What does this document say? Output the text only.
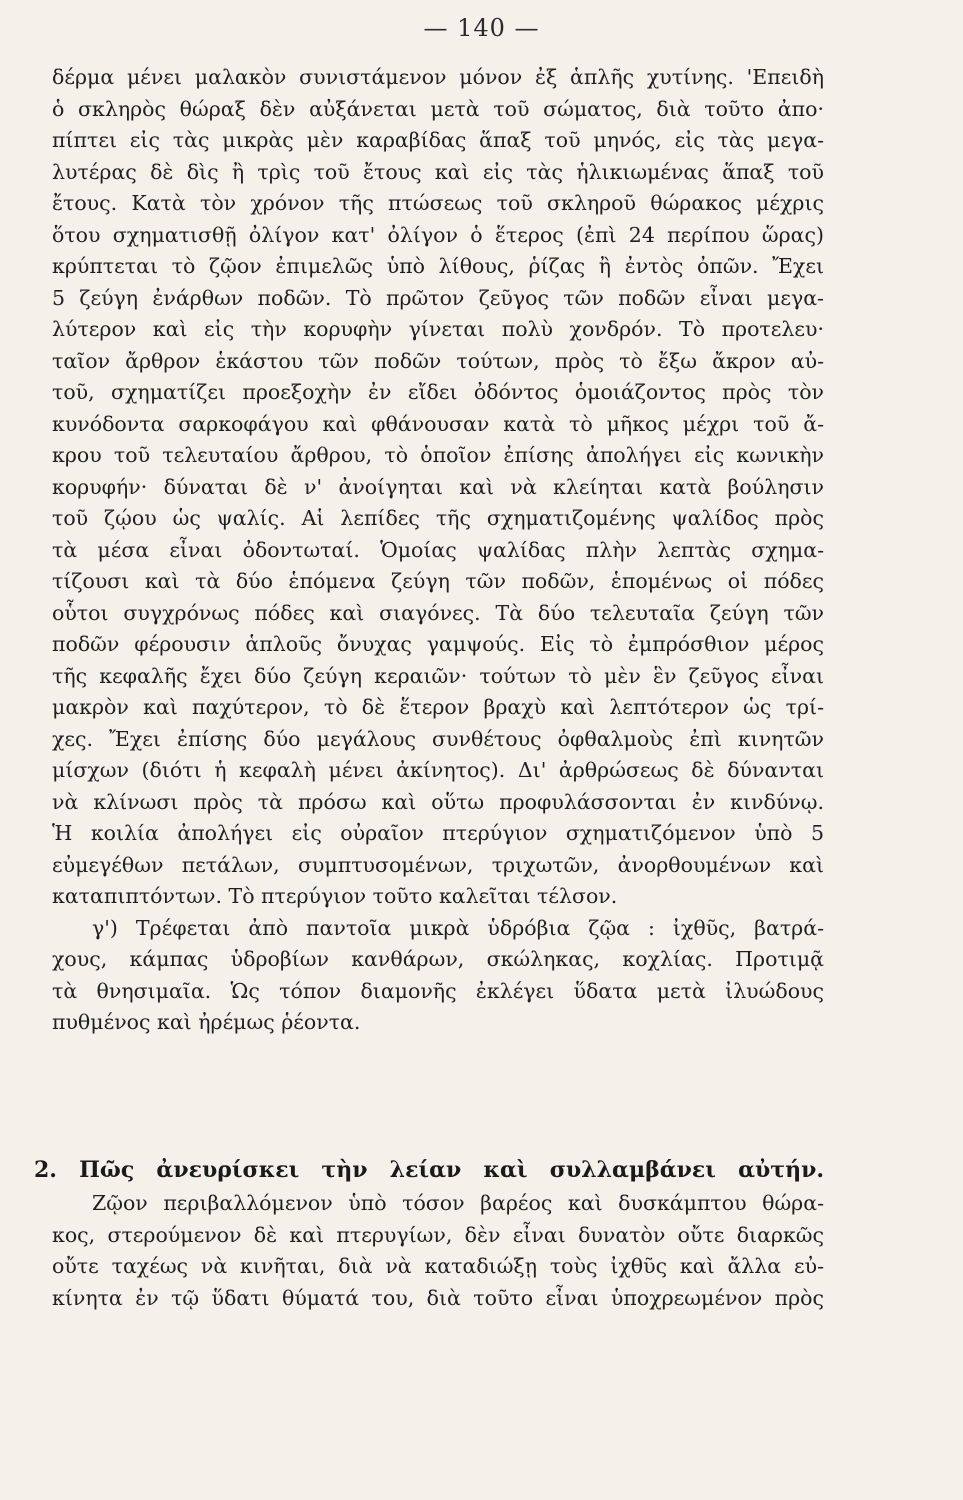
— 140 —
δέρμα μένει μαλακὸν συνιστάμενον μόνον ἐξ ἁπλῆς χυτίνης. 'Επειδὴ
ὁ σκληρὸς θώραξ δὲν αὐξάνεται μετὰ τοῦ σώματος, διὰ τοῦτο ἀπο·
πίπτει εἰς τὰς μικρὰς μὲν καραβίδας ἅπαξ τοῦ μηνός, εἰς τὰς μεγα-
λυτέρας δὲ δὶς ἢ τρὶς τοῦ ἔτους καὶ εἰς τὰς ἡλικιωμένας ἅπαξ τοῦ
ἔτους. Κατὰ τὸν χρόνον τῆς πτώσεως τοῦ σκληροῦ θώρακος μέχρις
ὅτου σχηματισθῇ ὀλίγον κατ' ὀλίγον ὁ ἕτερος (ἐπὶ 24 περίπου ὥρας)
κρύπτεται τὸ ζῷον ἐπιμελῶς ὑπὸ λίθους, ῥίζας ἢ ἐντὸς ὀπῶν. Ἔχει
5 ζεύγη ἐνάρθων ποδῶν. Τὸ πρῶτον ζεῦγος τῶν ποδῶν εἶναι μεγα-
λύτερον καὶ εἰς τὴν κορυφὴν γίνεται πολὺ χονδρόν. Τὸ προτελευ·
ταῖον ἄρθρον ἑκάστου τῶν ποδῶν τούτων, πρὸς τὸ ἔξω ἄκρον αὐ-
τοῦ, σχηματίζει προεξοχὴν ἐν εἴδει ὀδόντος ὁμοιάζοντος πρὸς τὸν
κυνόδοντα σαρκοφάγου καὶ φθάνουσαν κατὰ τὸ μῆκος μέχρι τοῦ ἄ-
κρου τοῦ τελευταίου ἄρθρου, τὸ ὁποῖον ἐπίσης ἀπολήγει εἰς κωνικὴν
κορυφήν· δύναται δὲ ν' ἀνοίγηται καὶ νὰ κλείηται κατὰ βούλησιν
τοῦ ζῴου ὡς ψαλίς. Αἱ λεπίδες τῆς σχηματιζομένης ψαλίδος πρὸς
τὰ μέσα εἶναι ὀδοντωταί. Ὁμοίας ψαλίδας πλὴν λεπτὰς σχημα-
τίζουσι καὶ τὰ δύο ἑπόμενα ζεύγη τῶν ποδῶν, ἑπομένως οἱ πόδες
οὗτοι συγχρόνως πόδες καὶ σιαγόνες. Τὰ δύο τελευταῖα ζεύγη τῶν
ποδῶν φέρουσιν ἁπλοῦς ὄνυχας γαμψούς. Εἰς τὸ ἐμπρόσθιον μέρος
τῆς κεφαλῆς ἔχει δύο ζεύγη κεραιῶν· τούτων τὸ μὲν ἓν ζεῦγος εἶναι
μακρὸν καὶ παχύτερον, τὸ δὲ ἕτερον βραχὺ καὶ λεπτότερον ὡς τρί-
χες. Ἔχει ἐπίσης δύο μεγάλους συνθέτους ὀφθαλμοὺς ἐπὶ κινητῶν
μίσχων (διότι ἡ κεφαλὴ μένει ἀκίνητος). Δι' ἀρθρώσεως δὲ δύνανται
νὰ κλίνωσι πρὸς τὰ πρόσω καὶ οὕτω προφυλάσσονται ἐν κινδύνῳ.
Ἡ κοιλία ἀπολήγει εἰς οὐραῖον πτερύγιον σχηματιζόμενον ὑπὸ 5
εὐμεγέθων πετάλων, συμπτυσομένων, τριχωτῶν, ἀνορθουμένων καὶ
καταπιπτόντων. Τὸ πτερύγιον τοῦτο καλεῖται τέλσον.
γ') Τρέφεται ἀπὸ παντοῖα μικρὰ ὑδρόβια ζῷα : ἰχθῦς, βατρά-
χους, κάμπας ὑδροβίων κανθάρων, σκώληκας, κοχλίας. Προτιμᾷ
τὰ θνησιμαῖα. Ὡς τόπον διαμονῆς ἐκλέγει ὕδατα μετὰ ἰλυώδους
πυθμένος καὶ ἠρέμως ῥέοντα.
2. Πῶς ἀνευρίσκει τὴν λείαν καὶ συλλαμβάνει αὐτήν.
Ζῷον περιβαλλόμενον ὑπὸ τόσον βαρέος καὶ δυσκάμπτου θώρα-
κος, στερούμενον δὲ καὶ πτερυγίων, δὲν εἶναι δυνατὸν οὔτε διαρκῶς
οὔτε ταχέως νὰ κινῆται, διὰ νὰ καταδιώξῃ τοὺς ἰχθῦς καὶ ἄλλα εὐ-
κίνητα ἐν τῷ ὕδατι θύματά του, διὰ τοῦτο εἶναι ὑποχρεωμένον πρὸς
